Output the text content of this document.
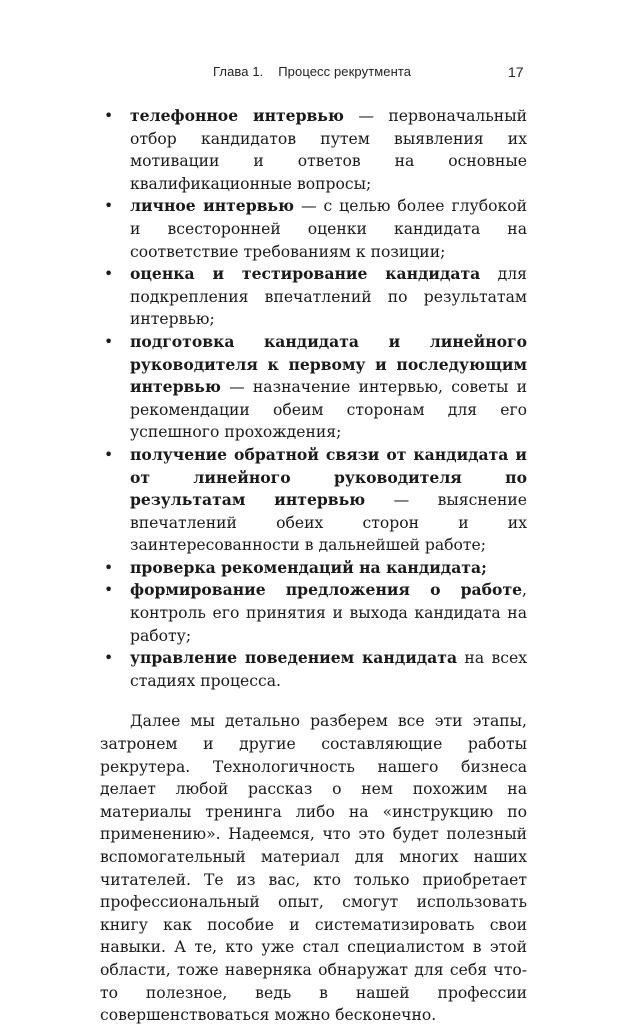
Глава 1.    Процесс рекрутмента	17
• телефонное интервью — первоначальный отбор кандидатов путем выявления их мотивации и ответов на основные квалификационные вопросы;
• личное интервью — с целью более глубокой и всесторонней оценки кандидата на соответствие требованиям к позиции;
• оценка и тестирование кандидата для подкрепления впечатлений по результатам интервью;
• подготовка кандидата и линейного руководителя к первому и последующим интервью — назначение интервью, советы и рекомендации обеим сторонам для его успешного прохождения;
• получение обратной связи от кандидата и от линейного руководителя по результатам интервью — выяснение впечатлений обеих сторон и их заинтересованности в дальнейшей работе;
• проверка рекомендаций на кандидата;
• формирование предложения о работе, контроль его принятия и выхода кандидата на работу;
• управление поведением кандидата на всех стадиях процесса.

Далее мы детально разберем все эти этапы, затронем и другие составляющие работы рекрутера. Технологичность нашего бизнеса делает любой рассказ о нем похожим на материалы тренинга либо на «инструкцию по применению». Надеемся, что это будет полезный вспомогательный материал для многих наших читателей. Те из вас, кто только приобретает профессиональный опыт, смогут использовать книгу как пособие и систематизировать свои навыки. А те, кто уже стал специалистом в этой области, тоже наверняка обнаружат для себя что-то полезное, ведь в нашей профессии совершенствоваться можно бесконечно.
